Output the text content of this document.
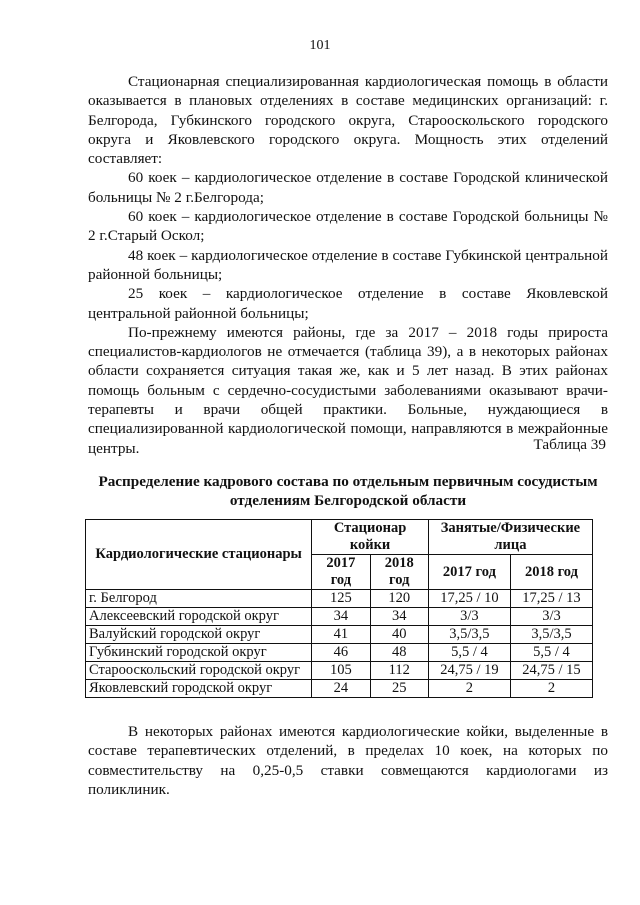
101

Стационарная специализированная кардиологическая помощь в области оказывается в плановых отделениях в составе медицинских организаций: г. Белгорода, Губкинского городского округа, Старооскольского городского округа и Яковлевского городского округа. Мощность этих отделений составляет:

60 коек – кардиологическое отделение в составе Городской клинической больницы № 2 г.Белгорода;

60 коек – кардиологическое отделение в составе Городской больницы № 2 г.Старый Оскол;

48 коек – кардиологическое отделение в составе Губкинской центральной районной больницы;

25 коек – кардиологическое отделение в составе Яковлевской центральной районной больницы;

По-прежнему имеются районы, где за 2017 – 2018 годы прироста специалистов-кардиологов не отмечается (таблица 39), а в некоторых районах области сохраняется ситуация такая же, как и 5 лет назад. В этих районах помощь больным с сердечно-сосудистыми заболеваниями оказывают врачи-терапевты и врачи общей практики. Больные, нуждающиеся в специализированной кардиологической помощи, направляются в межрайонные центры.	Таблица 39
Распределение кадрового состава по отдельным первичным сосудистым отделениям Белгородской области
Кардиологические стационары	Стационар койки		Занятые/Физические лица	
	2017 год	2018 год	2017 год	2018 год
г. Белгород	125	120	17,25 / 10	17,25 / 13
Алексеевский городской округ	34	34	3/3	3/3
Валуйский городской округ	41	40	3,5/3,5	3,5/3,5
Губкинский городской округ	46	48	5,5 / 4	5,5 / 4
Старооскольский городской округ	105	112	24,75 / 19	24,75 / 15
Яковлевский городской округ	24	25	2	2

В некоторых районах имеются кардиологические койки, выделенные в составе терапевтических отделений, в пределах 10 коек, на которых по совместительству на 0,25-0,5 ставки совмещаются кардиологами из поликлиник.
